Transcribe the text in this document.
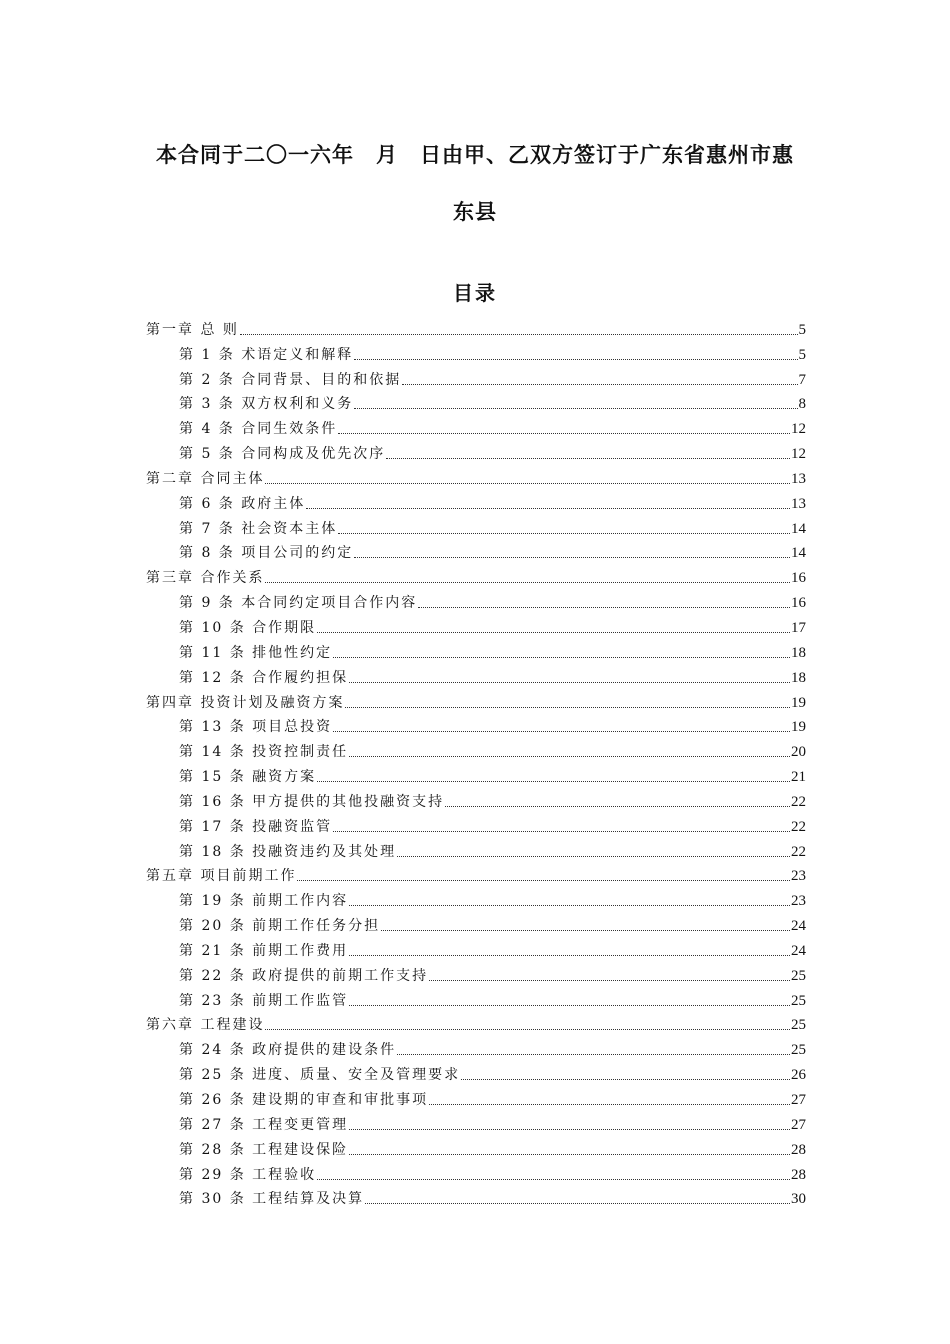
本合同于二〇一六年　月　日由甲、乙双方签订于广东省惠州市惠
东县
目录
第一章 总 则	5
第 1 条 术语定义和解释	5
第 2 条 合同背景、目的和依据	7
第 3 条 双方权利和义务	8
第 4 条 合同生效条件	12
第 5 条 合同构成及优先次序	12
第二章 合同主体	13
第 6 条 政府主体	13
第 7 条 社会资本主体	14
第 8 条 项目公司的约定	14
第三章 合作关系	16
第 9 条 本合同约定项目合作内容	16
第 10 条 合作期限	17
第 11 条 排他性约定	18
第 12 条 合作履约担保	18
第四章 投资计划及融资方案	19
第 13 条 项目总投资	19
第 14 条 投资控制责任	20
第 15 条 融资方案	21
第 16 条 甲方提供的其他投融资支持	22
第 17 条 投融资监管	22
第 18 条 投融资违约及其处理	22
第五章 项目前期工作	23
第 19 条 前期工作内容	23
第 20 条 前期工作任务分担	24
第 21 条 前期工作费用	24
第 22 条 政府提供的前期工作支持	25
第 23 条 前期工作监管	25
第六章 工程建设	25
第 24 条 政府提供的建设条件	25
第 25 条 进度、质量、安全及管理要求	26
第 26 条 建设期的审查和审批事项	27
第 27 条 工程变更管理	27
第 28 条 工程建设保险	28
第 29 条 工程验收	28
第 30 条 工程结算及决算	30
